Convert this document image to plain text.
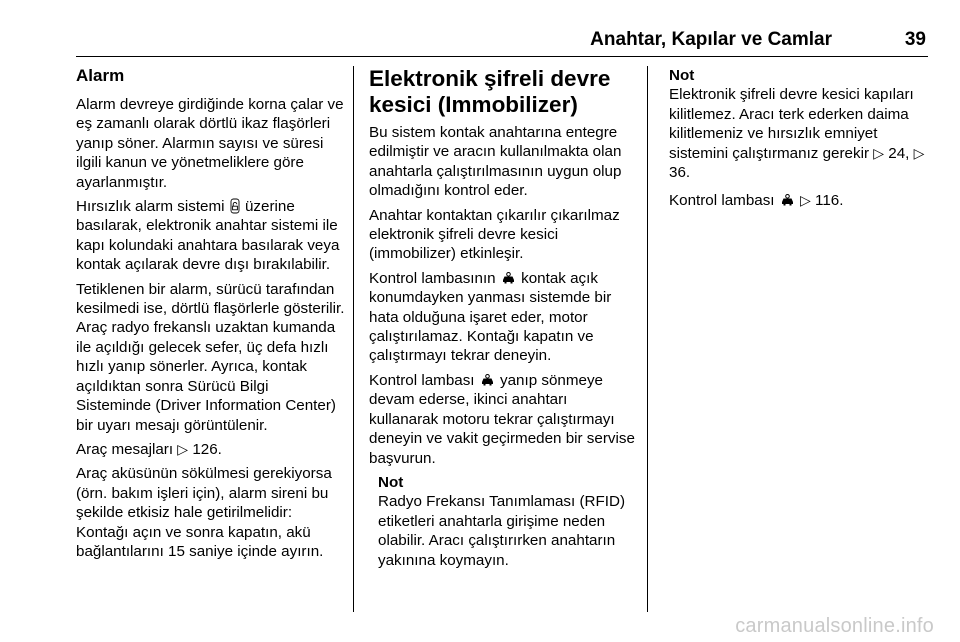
Anahtar, Kapılar ve Camlar	39
Alarm

Alarm devreye girdiğinde korna çalar ve eş zamanlı olarak dörtlü ikaz flaşörleri yanıp söner. Alarmın sayısı ve süresi ilgili kanun ve yönetmeliklere göre ayarlanmıştır.

Hırsızlık alarm sistemi üzerine basılarak, elektronik anahtar sistemi ile kapı kolundaki anahtara basılarak veya kontak açılarak devre dışı bırakılabilir.

Tetiklenen bir alarm, sürücü tarafından kesilmedi ise, dörtlü flaşörlerle gösterilir. Araç radyo frekanslı uzaktan kumanda ile açıldığı gelecek sefer, üç defa hızlı hızlı yanıp sönerler. Ayrıca, kontak açıldıktan sonra Sürücü Bilgi Sisteminde (Driver Information Center) bir uyarı mesajı görüntülenir.

Araç mesajları ▷ 126.

Araç aküsünün sökülmesi gerekiyorsa (örn. bakım işleri için), alarm sireni bu şekilde etkisiz hale getirilmelidir: Kontağı açın ve sonra kapatın, akü bağlantılarını 15 saniye içinde ayırın.

Elektronik şifreli devre kesici (Immobilizer)

Bu sistem kontak anahtarına entegre edilmiştir ve aracın kullanılmakta olan anahtarla çalıştırılmasının uygun olup olmadığını kontrol eder.

Anahtar kontaktan çıkarılır çıkarılmaz elektronik şifreli devre kesici (immobilizer) etkinleşir.

Kontrol lambasının kontak açık konumdayken yanması sistemde bir hata olduğuna işaret eder, motor çalıştırılamaz. Kontağı kapatın ve çalıştırmayı tekrar deneyin.

Kontrol lambası yanıp sönmeye devam ederse, ikinci anahtarı kullanarak motoru tekrar çalıştırmayı deneyin ve vakit geçirmeden bir servise başvurun.

Not
Radyo Frekansı Tanımlaması (RFID) etiketleri anahtarla girişime neden olabilir. Aracı çalıştırırken anahtarın yakınına koymayın.

Not
Elektronik şifreli devre kesici kapıları kilitlemez. Aracı terk ederken daima kilitlemeniz ve hırsızlık emniyet sistemini çalıştırmanız gerekir ▷ 24, ▷ 36.

Kontrol lambası ▷ 116.

carmanualsonline.info
